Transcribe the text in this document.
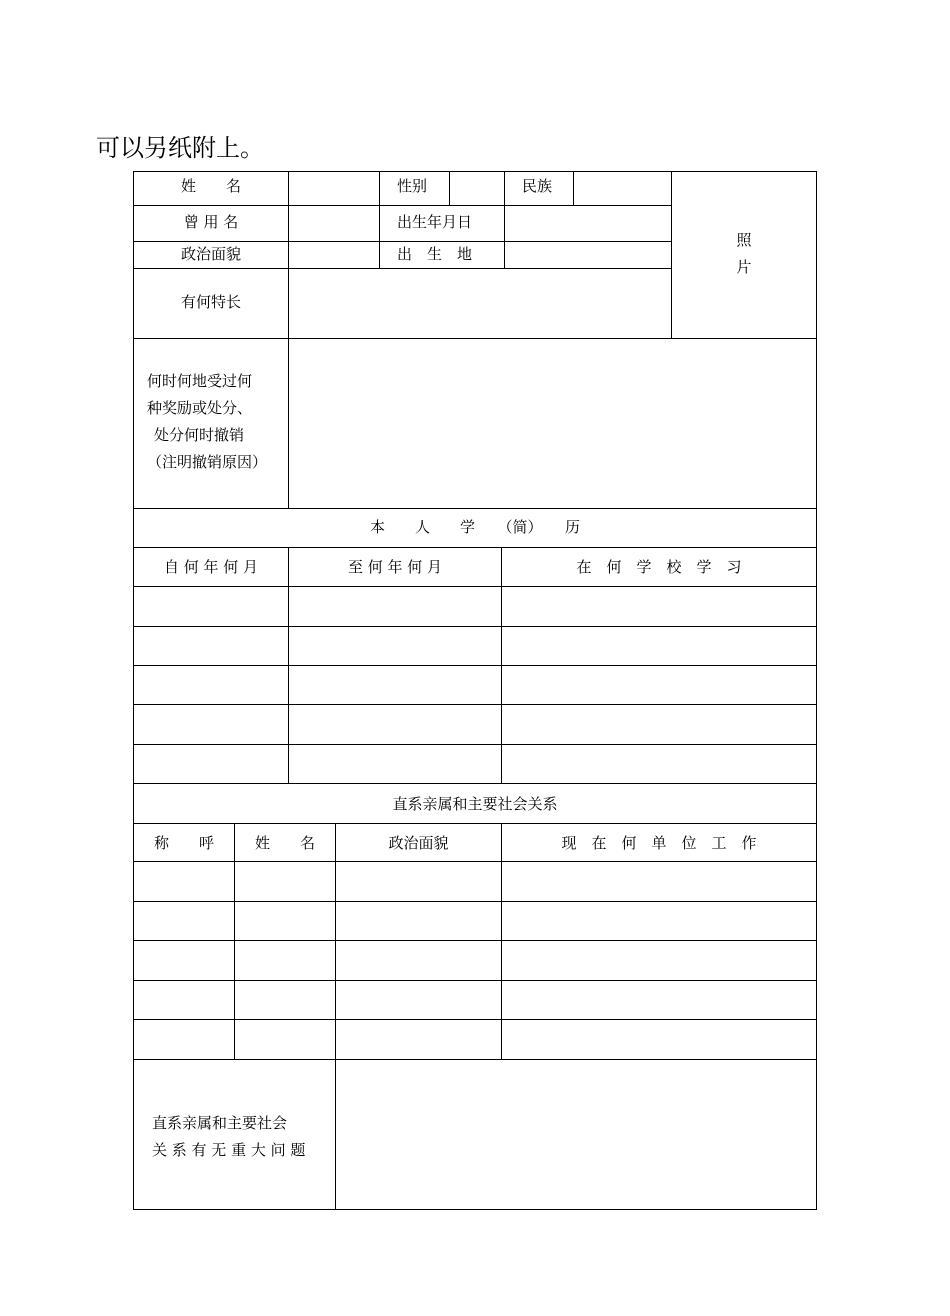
可以另纸附上。
姓　　名	性别	民族
曾 用 名	出生年月日
政治面貌	出　生　地
有何特长
照
片
何时何地受过何
种奖励或处分、
处分何时撤销
（注明撤销原因）
本　　人　　学　　（简）　　历
自 何 年 何 月	至 何 年 何 月	在　何　学　校　学　习
直系亲属和主要社会关系
称　　呼	姓　　名	政治面貌	现　在　何　单　位　工　作
直系亲属和主要社会
关 系 有 无 重 大 问 题
